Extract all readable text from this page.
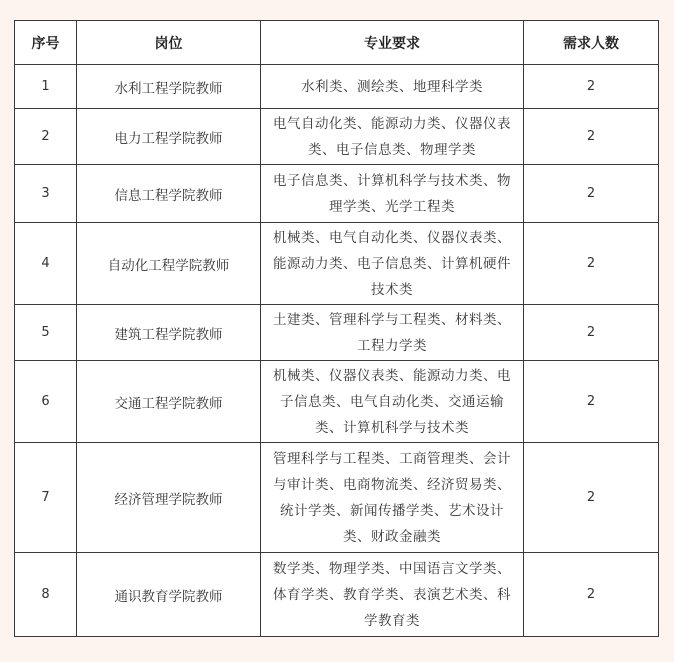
序号	岗位	专业要求	需求人数
1	水利工程学院教师	水利类、测绘类、地理科学类	2
2	电力工程学院教师	电气自动化类、能源动力类、仪器仪表类、电子信息类、物理学类	2
3	信息工程学院教师	电子信息类、计算机科学与技术类、物理学类、光学工程类	2
4	自动化工程学院教师	机械类、电气自动化类、仪器仪表类、能源动力类、电子信息类、计算机硬件技术类	2
5	建筑工程学院教师	土建类、管理科学与工程类、材料类、工程力学类	2
6	交通工程学院教师	机械类、仪器仪表类、能源动力类、电子信息类、电气自动化类、交通运输类、计算机科学与技术类	2
7	经济管理学院教师	管理科学与工程类、工商管理类、会计与审计类、电商物流类、经济贸易类、统计学类、新闻传播学类、艺术设计类、财政金融类	2
8	通识教育学院教师	数学类、物理学类、中国语言文学类、体育学类、教育学类、表演艺术类、科学教育类	2
